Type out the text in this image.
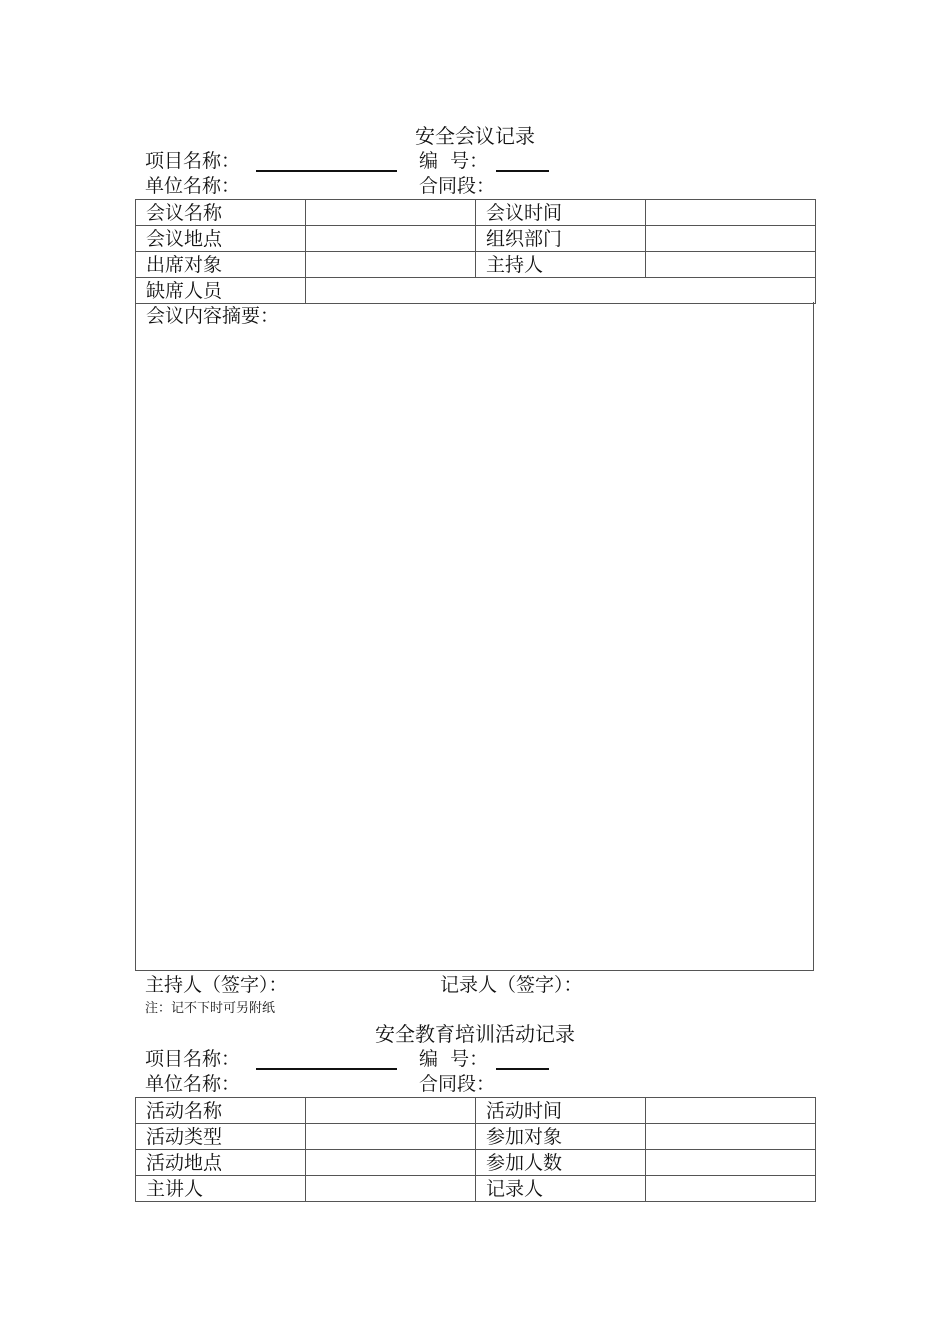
安全会议记录
项目名称：	编  号：
单位名称：	合同段：
会议名称		会议时间	
会议地点		组织部门	
出席对象		主持人	
缺席人员			
会议内容摘要：
主持人（签字）：	记录人（签字）：
注：记不下时可另附纸
安全教育培训活动记录
项目名称：	编  号：
单位名称：	合同段：
活动名称		活动时间	
活动类型		参加对象	
活动地点		参加人数	
主讲人		记录人	
